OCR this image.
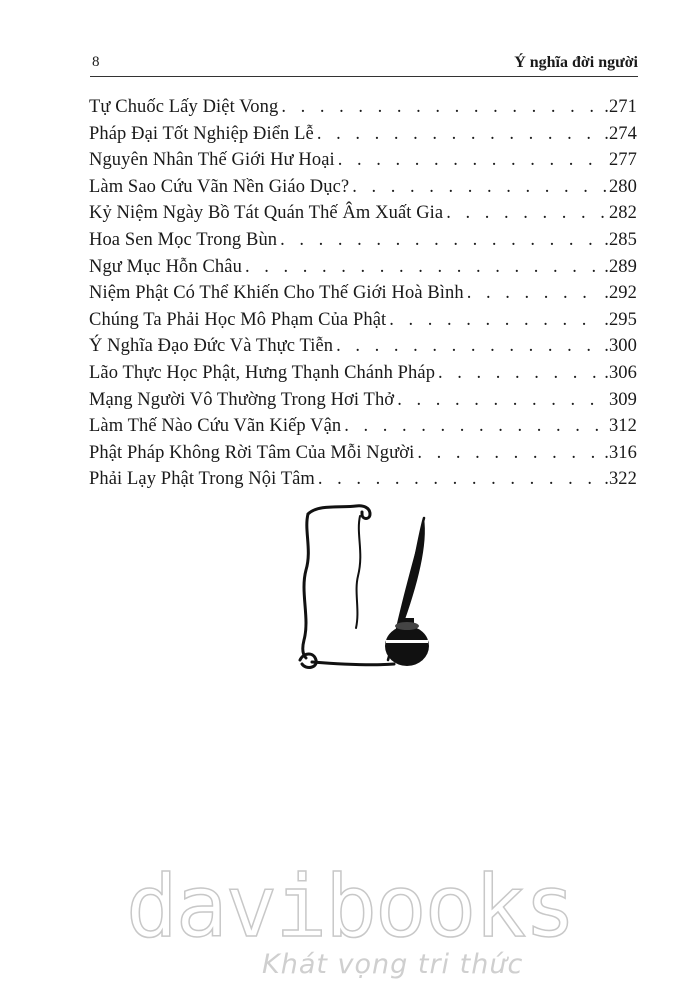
8	Ý nghĩa đời người
Tự Chuốc Lấy Diệt Vong . . .	.271
Pháp Đại Tốt Nghiệp Điển Lễ . . .	.274
Nguyên Nhân Thế Giới Hư Hoại . . .	277
Làm Sao Cứu Vãn Nền Giáo Dục? . . .	280
Kỷ Niệm Ngày Bồ Tát Quán Thế Âm Xuất Gia . . .	282
Hoa Sen Mọc Trong Bùn . . .	.285
Ngư Mục Hỗn Châu . . .	.289
Niệm Phật Có Thể Khiến Cho Thế Giới Hoà Bình . . .	.292
Chúng Ta Phải Học Mô Phạm Của Phật . . .	.295
Ý Nghĩa Đạo Đức Và Thực Tiễn . . .	.300
Lão Thực Học Phật, Hưng Thạnh Chánh Pháp . . .	.306
Mạng Người Vô Thường Trong Hơi Thở . . .	309
Làm Thế Nào Cứu Vãn Kiếp Vận . . .	312
Phật Pháp Không Rời Tâm Của Mỗi Người . . .	.316
Phải Lạy Phật Trong Nội Tâm . . .	.322
davibooks
Khát vọng tri thức
